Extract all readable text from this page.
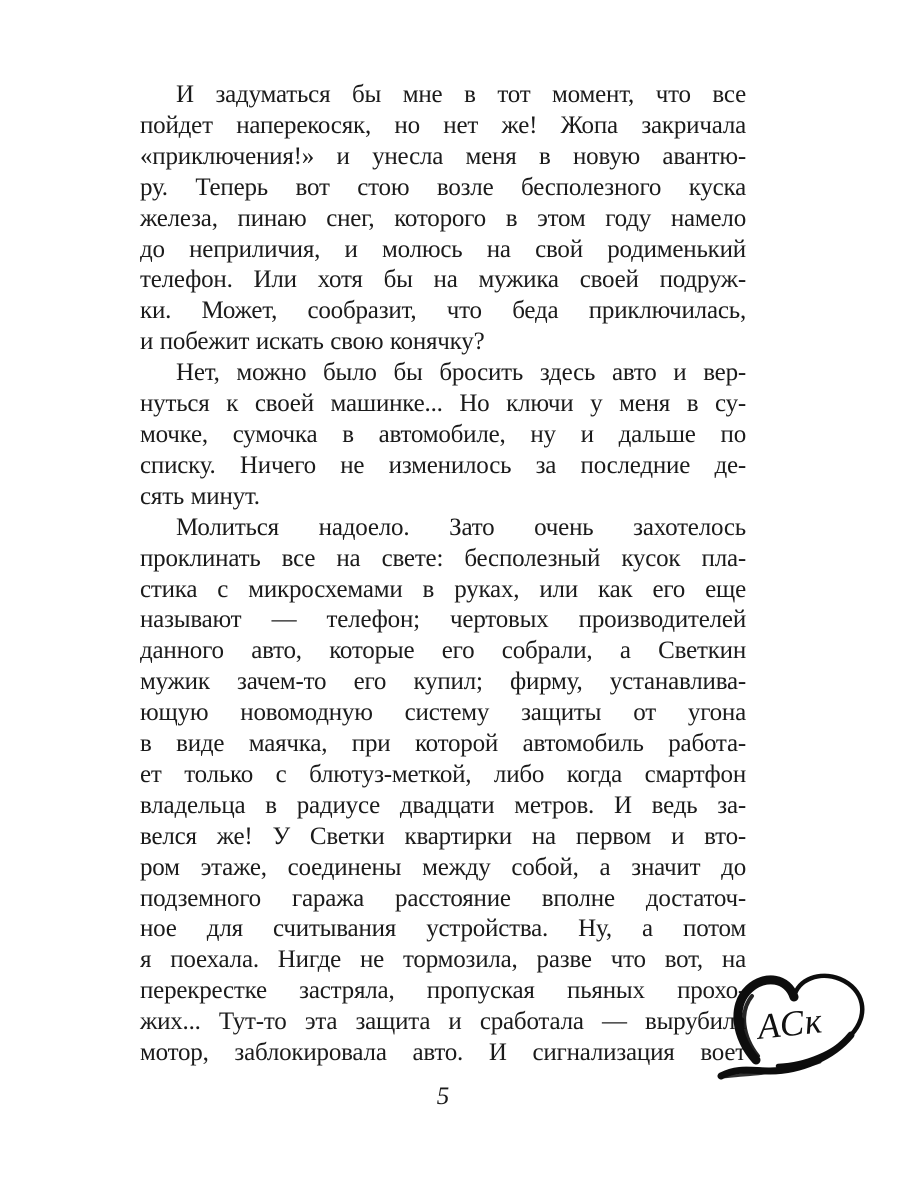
И задуматься бы мне в тот момент, что все
пойдет наперекосяк, но нет же! Жопа закричала
«приключения!» и унесла меня в новую авантю-
ру. Теперь вот стою возле бесполезного куска
железа, пинаю снег, которого в этом году намело
до неприличия, и молюсь на свой родименький
телефон. Или хотя бы на мужика своей подруж-
ки. Может, сообразит, что беда приключилась,
и побежит искать свою конячку?
Нет, можно было бы бросить здесь авто и вер-
нуться к своей машинке... Но ключи у меня в су-
мочке, сумочка в автомобиле, ну и дальше по
списку. Ничего не изменилось за последние де-
сять минут.
Молиться надоело. Зато очень захотелось
проклинать все на свете: бесполезный кусок пла-
стика с микросхемами в руках, или как его еще
называют — телефон; чертовых производителей
данного авто, которые его собрали, а Светкин
мужик зачем-то его купил; фирму, устанавлива-
ющую новомодную систему защиты от угона
в виде маячка, при которой автомобиль работа-
ет только с блютуз-меткой, либо когда смартфон
владельца в радиусе двадцати метров. И ведь за-
велся же! У Светки квартирки на первом и вто-
ром этаже, соединены между собой, а значит до
подземного гаража расстояние вполне достаточ-
ное для считывания устройства. Ну, а потом
я поехала. Нигде не тормозила, разве что вот, на
перекрестке застряла, пропуская пьяных прохо-
жих... Тут-то эта защита и сработала — вырубила
мотор, заблокировала авто. И сигнализация воет
5
АСк
